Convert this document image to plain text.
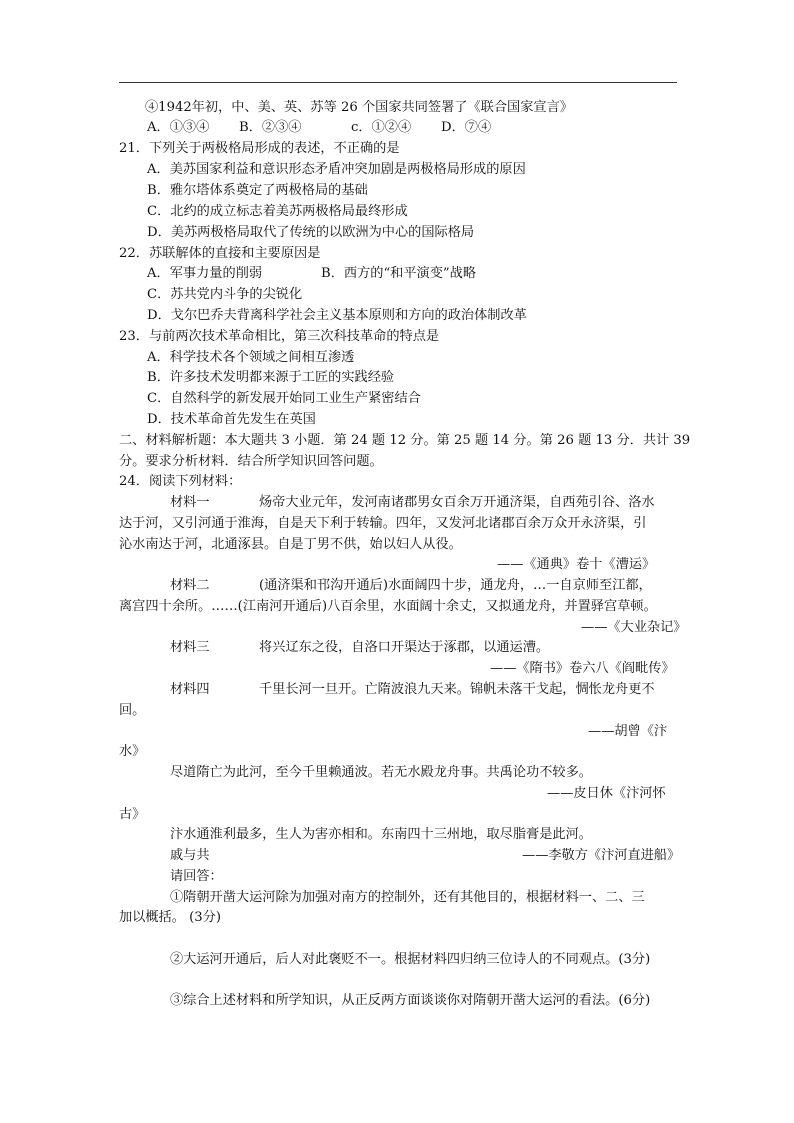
④1942年初，中、美、英、苏等 26 个国家共同签署了《联合国家宣言》
A．①③④ B．②③④	c．①②④ D．⑦④
21．下列关于两极格局形成的表述，不正确的是
A．美苏国家利益和意识形态矛盾冲突加剧是两极格局形成的原因
B．雅尔塔体系奠定了两极格局的基础
C．北约的成立标志着美苏两极格局最终形成
D．美苏两极格局取代了传统的以欧洲为中心的国际格局
22．苏联解体的直接和主要原因是
A．军事力量的削弱	B．西方的“和平演变”战略
C．苏共党内斗争的尖锐化
D．戈尔巴乔夫背离科学社会主义基本原则和方向的政治体制改革
23．与前两次技术革命相比，第三次科技革命的特点是
A．科学技术各个领域之间相互渗透
B．许多技术发明都来源于工匠的实践经验
C．自然科学的新发展开始同工业生产紧密结合
D．技术革命首先发生在英国
二、材料解析题：本大题共 3 小题．第 24 题 12 分。第 25 题 14 分。第 26 题 13 分．共计 39
分。要求分析材料．结合所学知识回答问题。
24．阅读下列材料：
材料一	炀帝大业元年，发河南诸郡男女百余万开通济渠，自西苑引谷、洛水
达于河，又引河通于淮海，自是天下利于转输。四年，又发河北诸郡百余万众开永济渠，引
沁水南达于河，北通涿县。自是丁男不供，始以妇人从役。
——《通典》卷十《漕运》
材料二	(通济渠和邗沟开通后)水面阔四十步，通龙舟，…一自京师至江都，
离宫四十余所。……(江南河开通后)八百余里，水面阔十余丈，又拟通龙舟，并置驿宫草顿。
——《大业杂记》
材料三	将兴辽东之役，自洛口开渠达于涿郡，以通运漕。
——《隋书》卷六八《阎毗传》
材料四	千里长河一旦开。亡隋波浪九天来。锦帆未落干戈起，惆怅龙舟更不
回。
——胡曾《汴
水》
尽道隋亡为此河，至今千里赖通波。若无水殿龙舟事。共禹论功不较多。
——皮日休《汴河怀
古》
汴水通淮利最多，生人为害亦相和。东南四十三州地，取尽脂膏是此河。
戚与共	——李敬方《汴河直进船》
请回答：
①隋朝开凿大运河除为加强对南方的控制外，还有其他目的，根据材料一、二、三
加以概括。 (3分)
②大运河开通后，后人对此褒贬不一。根据材料四归纳三位诗人的不同观点。(3分)
③综合上述材料和所学知识，从正反两方面谈谈你对隋朝开凿大运河的看法。(6分)
